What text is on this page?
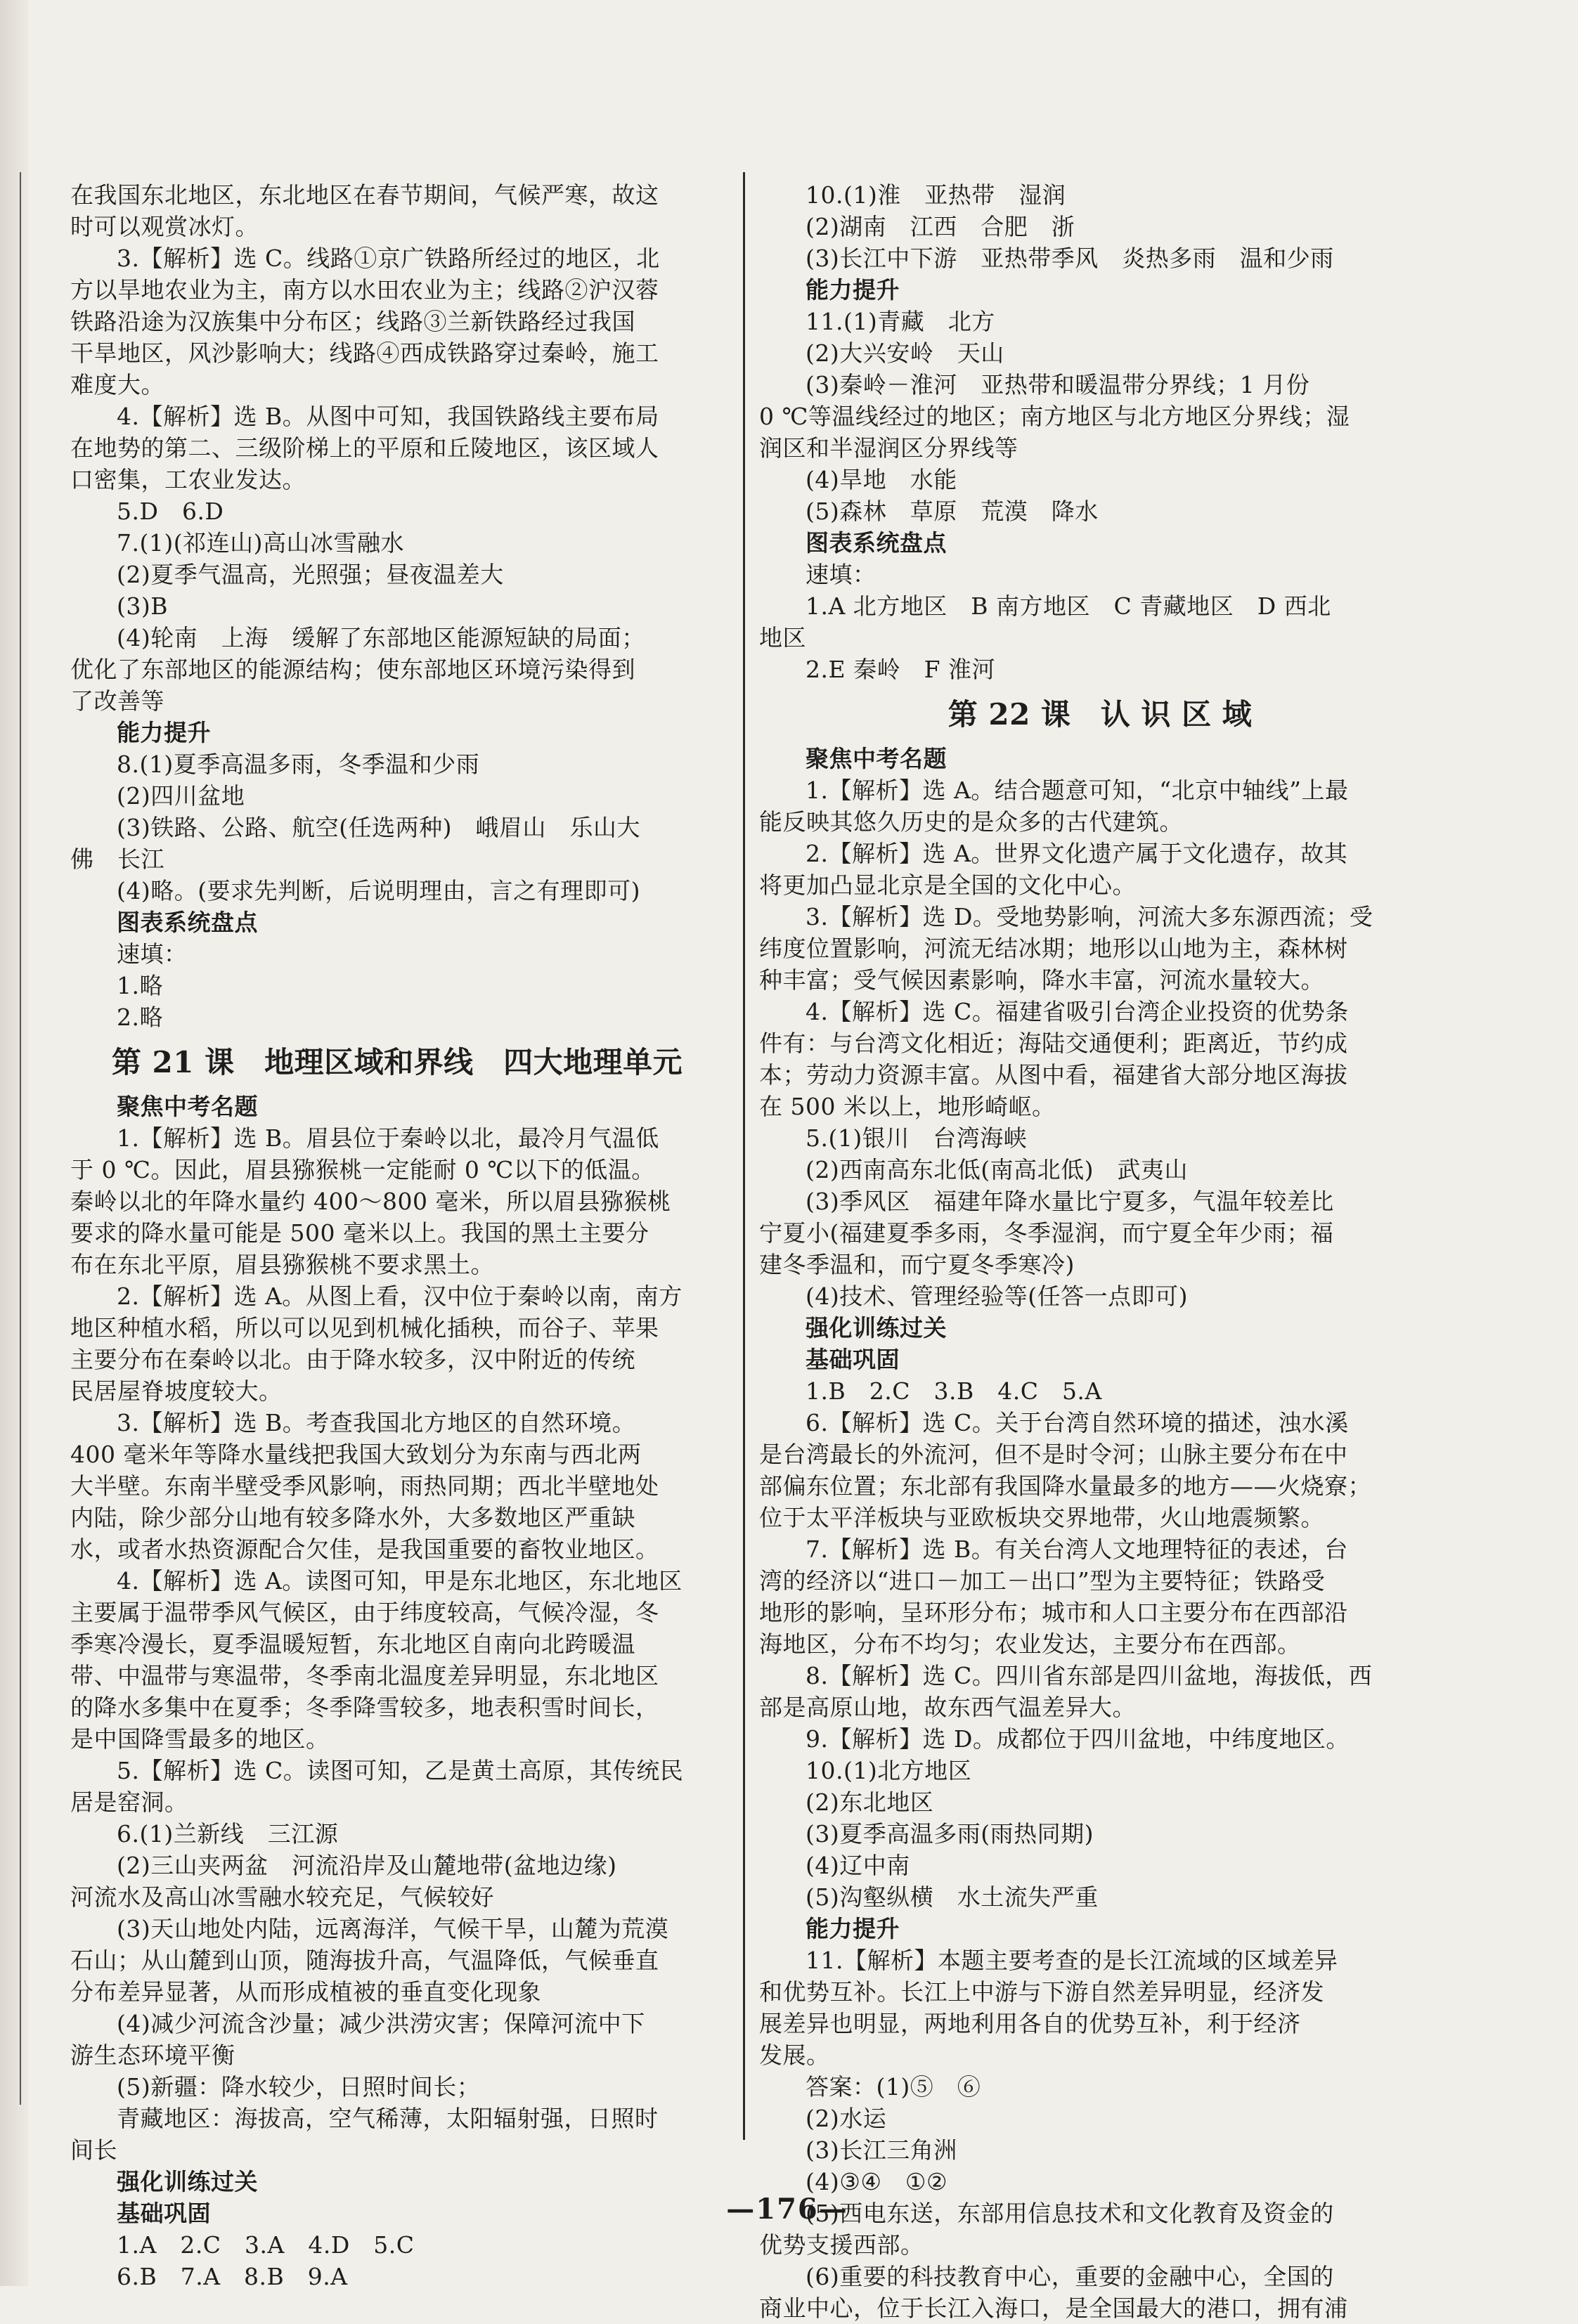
在我国东北地区，东北地区在春节期间，气候严寒，故这

时可以观赏冰灯。

3.【解析】选 C。线路①京广铁路所经过的地区，北

方以旱地农业为主，南方以水田农业为主；线路②沪汉蓉

铁路沿途为汉族集中分布区；线路③兰新铁路经过我国

干旱地区，风沙影响大；线路④西成铁路穿过秦岭，施工

难度大。

4.【解析】选 B。从图中可知，我国铁路线主要布局

在地势的第二、三级阶梯上的平原和丘陵地区，该区域人

口密集，工农业发达。

5.D　6.D

7.(1)(祁连山)高山冰雪融水

(2)夏季气温高，光照强；昼夜温差大

(3)B

(4)轮南　上海　缓解了东部地区能源短缺的局面；

优化了东部地区的能源结构；使东部地区环境污染得到

了改善等

能力提升

8.(1)夏季高温多雨，冬季温和少雨

(2)四川盆地

(3)铁路、公路、航空(任选两种)　峨眉山　乐山大

佛　长江

(4)略。(要求先判断，后说明理由，言之有理即可)

图表系统盘点

速填：

1.略

2.略

第 21 课　地理区域和界线　四大地理单元

聚焦中考名题

1.【解析】选 B。眉县位于秦岭以北，最冷月气温低

于 0 ℃。因此，眉县猕猴桃一定能耐 0 ℃以下的低温。

秦岭以北的年降水量约 400～800 毫米，所以眉县猕猴桃

要求的降水量可能是 500 毫米以上。我国的黑土主要分

布在东北平原，眉县猕猴桃不要求黑土。

2.【解析】选 A。从图上看，汉中位于秦岭以南，南方

地区种植水稻，所以可以见到机械化插秧，而谷子、苹果

主要分布在秦岭以北。由于降水较多，汉中附近的传统

民居屋脊坡度较大。

3.【解析】选 B。考查我国北方地区的自然环境。

400 毫米年等降水量线把我国大致划分为东南与西北两

大半壁。东南半壁受季风影响，雨热同期；西北半壁地处

内陆，除少部分山地有较多降水外，大多数地区严重缺

水，或者水热资源配合欠佳，是我国重要的畜牧业地区。

4.【解析】选 A。读图可知，甲是东北地区，东北地区

主要属于温带季风气候区，由于纬度较高，气候冷湿，冬

季寒冷漫长，夏季温暖短暂，东北地区自南向北跨暖温

带、中温带与寒温带，冬季南北温度差异明显，东北地区

的降水多集中在夏季；冬季降雪较多，地表积雪时间长，

是中国降雪最多的地区。

5.【解析】选 C。读图可知，乙是黄土高原，其传统民

居是窑洞。

6.(1)兰新线　三江源

(2)三山夹两盆　河流沿岸及山麓地带(盆地边缘)

河流水及高山冰雪融水较充足，气候较好

(3)天山地处内陆，远离海洋，气候干旱，山麓为荒漠

石山；从山麓到山顶，随海拔升高，气温降低，气候垂直

分布差异显著，从而形成植被的垂直变化现象

(4)减少河流含沙量；减少洪涝灾害；保障河流中下

游生态环境平衡

(5)新疆：降水较少，日照时间长；

青藏地区：海拔高，空气稀薄，太阳辐射强，日照时

间长

强化训练过关

基础巩固

1.A　2.C　3.A　4.D　5.C

6.B　7.A　8.B　9.A

10.(1)淮　亚热带　湿润

(2)湖南　江西　合肥　浙

(3)长江中下游　亚热带季风　炎热多雨　温和少雨

能力提升

11.(1)青藏　北方

(2)大兴安岭　天山

(3)秦岭－淮河　亚热带和暖温带分界线；1 月份

0 ℃等温线经过的地区；南方地区与北方地区分界线；湿

润区和半湿润区分界线等

(4)旱地　水能

(5)森林　草原　荒漠　降水

图表系统盘点

速填：

1.A 北方地区　B 南方地区　C 青藏地区　D 西北

地区

2.E 秦岭　F 淮河

第 22 课　认 识 区 域

聚焦中考名题

1.【解析】选 A。结合题意可知，“北京中轴线”上最

能反映其悠久历史的是众多的古代建筑。

2.【解析】选 A。世界文化遗产属于文化遗存，故其

将更加凸显北京是全国的文化中心。

3.【解析】选 D。受地势影响，河流大多东源西流；受

纬度位置影响，河流无结冰期；地形以山地为主，森林树

种丰富；受气候因素影响，降水丰富，河流水量较大。

4.【解析】选 C。福建省吸引台湾企业投资的优势条

件有：与台湾文化相近；海陆交通便利；距离近，节约成

本；劳动力资源丰富。从图中看，福建省大部分地区海拔

在 500 米以上，地形崎岖。

5.(1)银川　台湾海峡

(2)西南高东北低(南高北低)　武夷山

(3)季风区　福建年降水量比宁夏多，气温年较差比

宁夏小(福建夏季多雨，冬季湿润，而宁夏全年少雨；福

建冬季温和，而宁夏冬季寒冷)

(4)技术、管理经验等(任答一点即可)

强化训练过关

基础巩固

1.B　2.C　3.B　4.C　5.A

6.【解析】选 C。关于台湾自然环境的描述，浊水溪

是台湾最长的外流河，但不是时令河；山脉主要分布在中

部偏东位置；东北部有我国降水量最多的地方——火烧寮；

位于太平洋板块与亚欧板块交界地带，火山地震频繁。

7.【解析】选 B。有关台湾人文地理特征的表述，台

湾的经济以“进口－加工－出口”型为主要特征；铁路受

地形的影响，呈环形分布；城市和人口主要分布在西部沿

海地区，分布不均匀；农业发达，主要分布在西部。

8.【解析】选 C。四川省东部是四川盆地，海拔低，西

部是高原山地，故东西气温差异大。

9.【解析】选 D。成都位于四川盆地，中纬度地区。

10.(1)北方地区

(2)东北地区

(3)夏季高温多雨(雨热同期)

(4)辽中南

(5)沟壑纵横　水土流失严重

能力提升

11.【解析】本题主要考查的是长江流域的区域差异

和优势互补。长江上中游与下游自然差异明显，经济发

展差异也明显，两地利用各自的优势互补，利于经济

发展。

答案：(1)⑤　⑥

(2)水运

(3)长江三角洲

(4)③④　①②

(5)西电东送，东部用信息技术和文化教育及资金的

优势支援西部。

(6)重要的科技教育中心，重要的金融中心，全国的

商业中心，位于长江入海口，是全国最大的港口，拥有浦

—176—
